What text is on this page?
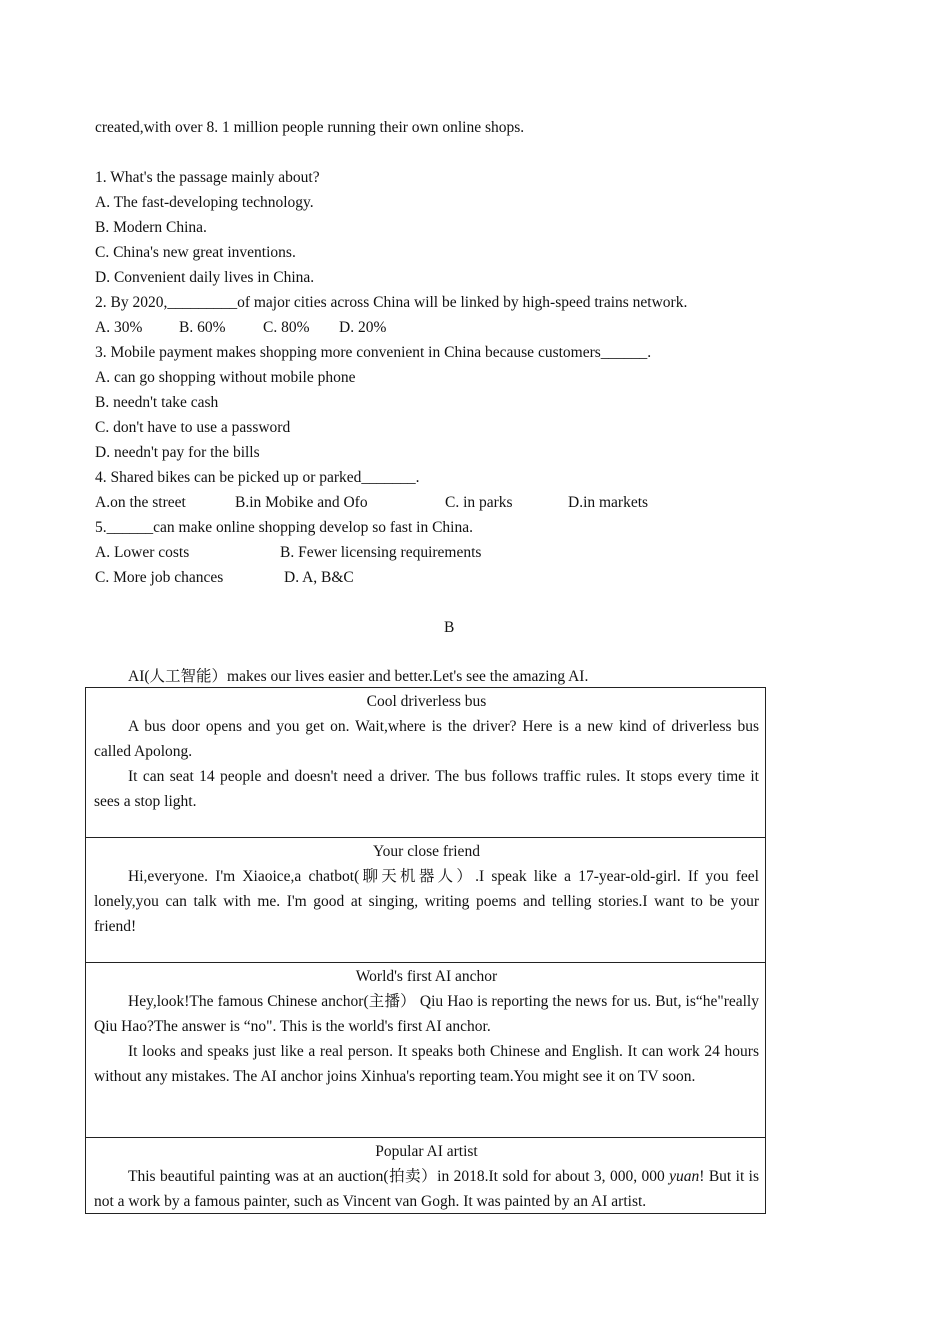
created,with over 8. 1 million people running their own online shops.
1. What's the passage mainly about?
A. The fast-developing technology.
B. Modern China.
C. China's new great inventions.
D. Convenient daily lives in China.
2. By 2020,_________of major cities across China will be linked by high-speed trains network.
A. 30% B. 60% C. 80% D. 20%
3. Mobile payment makes shopping more convenient in China because customers______.
A. can go shopping without mobile phone
B. needn't take cash
C. don't have to use a password
D. needn't pay for the bills
4. Shared bikes can be picked up or parked_______.
A.on the street	B.in Mobike and Ofo	C. in parks	D.in markets
5.______can make online shopping develop so fast in China.
A. Lower costs	B. Fewer licensing requirements
C. More job chances	D. A, B&C
B
AI(人工智能）makes our lives easier and better.Let's see the amazing AI.

Cool driverless bus

A bus door opens and you get on. Wait,where is the driver? Here is a new kind of driverless bus called Apolong.

It can seat 14 people and doesn't need a driver. The bus follows traffic rules. It stops every time it sees a stop light.

Your close friend

Hi,everyone. I'm Xiaoice,a chatbot(聊天机器人）.I speak like a 17-year-old-girl. If you feel lonely,you can talk with me. I'm good at singing, writing poems and telling stories.I want to be your friend!

World's first AI anchor

Hey,look!The famous Chinese anchor(主播） Qiu Hao is reporting the news for us. But, is“he"really Qiu Hao?The answer is “no". This is the world's first AI anchor.

It looks and speaks just like a real person. It speaks both Chinese and English. It can work 24 hours without any mistakes. The AI anchor joins Xinhua's reporting team.You might see it on TV soon.

Popular AI artist

This beautiful painting was at an auction(拍卖）in 2018.It sold for about 3, 000, 000 yuan! But it is not a work by a famous painter, such as Vincent van Gogh. It was painted by an AI artist.
